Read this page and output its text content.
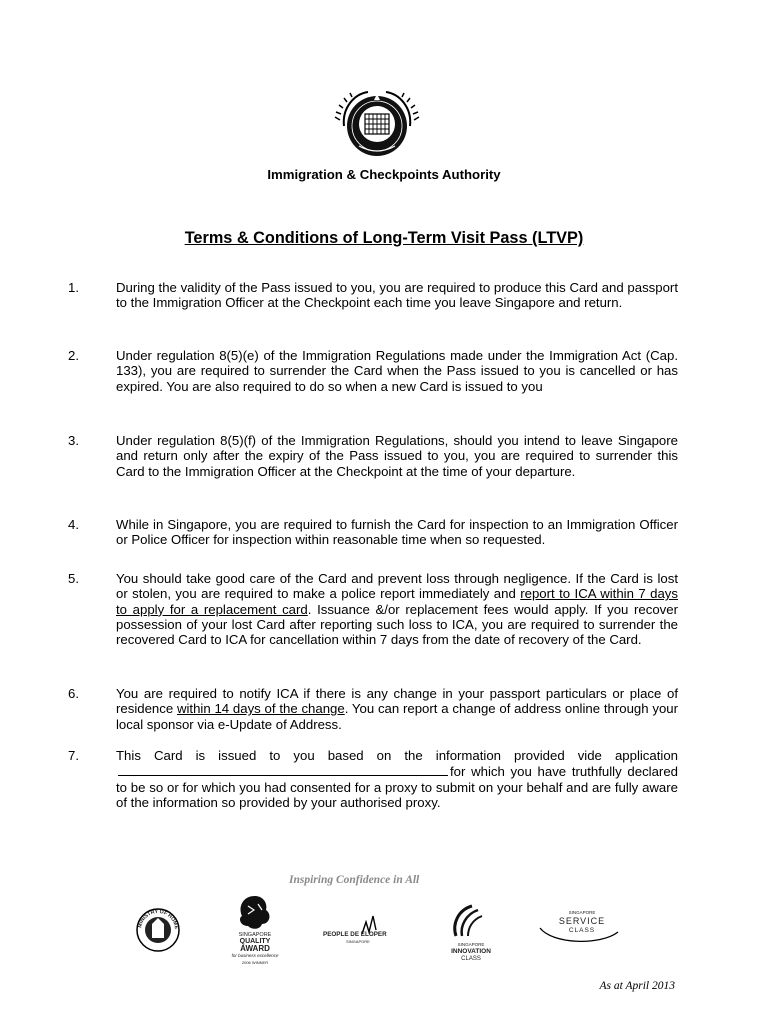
Immigration & Checkpoints Authority
Terms & Conditions of Long-Term Visit Pass (LTVP)
1.	During the validity of the Pass issued to you, you are required to produce this Card and passport to the Immigration Officer at the Checkpoint each time you leave Singapore and return.
2.	Under regulation 8(5)(e) of the Immigration Regulations made under the Immigration Act (Cap. 133), you are required to surrender the Card when the Pass issued to you is cancelled or has expired. You are also required to do so when a new Card is issued to you
3.	Under regulation 8(5)(f) of the Immigration Regulations, should you intend to leave Singapore and return only after the expiry of the Pass issued to you, you are required to surrender this Card to the Immigration Officer at the Checkpoint at the time of your departure.
4.	While in Singapore, you are required to furnish the Card for inspection to an Immigration Officer or Police Officer for inspection within reasonable time when so requested.
5.	You should take good care of the Card and prevent loss through negligence. If the Card is lost or stolen, you are required to make a police report immediately and report to ICA within 7 days to apply for a replacement card. Issuance &/or replacement fees would apply. If you recover possession of your lost Card after reporting such loss to ICA, you are required to surrender the recovered Card to ICA for cancellation within 7 days from the date of recovery of the Card.
6.	You are required to notify ICA if there is any change in your passport particulars or place of residence within 14 days of the change. You can report a change of address online through your local sponsor via e-Update of Address.
7.	This Card is issued to you based on the information provided vide applicationfor which you have truthfully declared to be so or for which you had consented for a proxy to submit on your behalf and are fully aware of the information so provided by your authorised proxy.
Inspiring Confidence in All
MINISTRY OF HOME
SINGAPORE
QUALITY
AWARD
for business excellence
2006 WINNER
PEOPLE DE ELOPER
SINGAPORE
SINGAPORE
INNOVATION
CLASS
SINGAPORE
SERVICE
CLASS
As at April 2013
